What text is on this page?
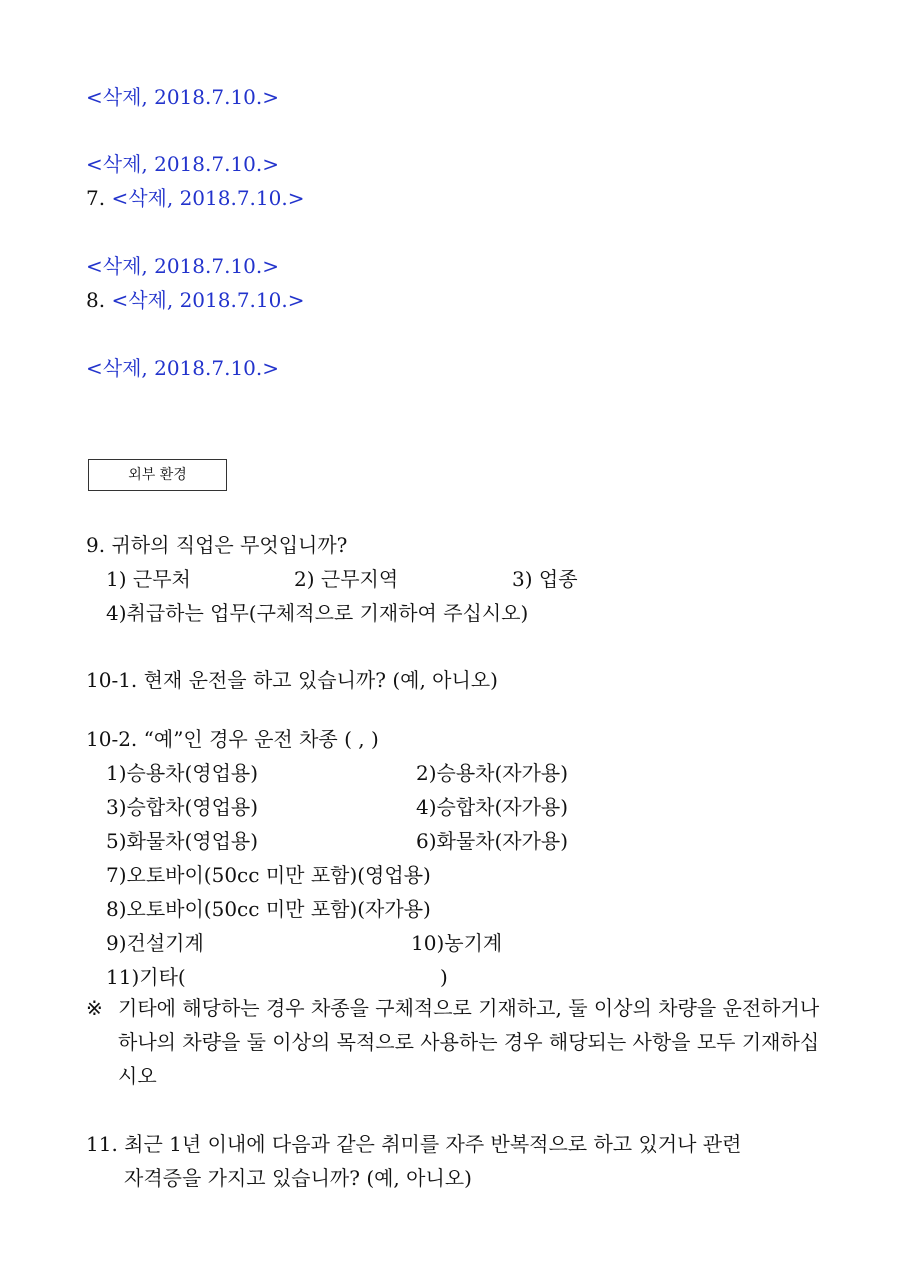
<삭제, 2018.7.10.>
<삭제, 2018.7.10.>
7. <삭제, 2018.7.10.>
<삭제, 2018.7.10.>
8. <삭제, 2018.7.10.>
<삭제, 2018.7.10.>
외부 환경
9. 귀하의 직업은 무엇입니까?
1) 근무처	2) 근무지역	3) 업종
4)취급하는 업무(구체적으로 기재하여 주십시오)
10-1. 현재 운전을 하고 있습니까? (예, 아니오)
10-2. “예”인 경우 운전 차종 ( , )
1)승용차(영업용)	2)승용차(자가용)
3)승합차(영업용)	4)승합차(자가용)
5)화물차(영업용)	6)화물차(자가용)
7)오토바이(50cc 미만 포함)(영업용)
8)오토바이(50cc 미만 포함)(자가용)
9)건설기계	10)농기계
11)기타(                                        )
※ 기타에 해당하는 경우 차종을 구체적으로 기재하고, 둘 이상의 차량을 운전하거나 하나의 차량을 둘 이상의 목적으로 사용하는 경우 해당되는 사항을 모두 기재하십시오
11. 최근 1년 이내에 다음과 같은 취미를 자주 반복적으로 하고 있거나 관련
자격증을 가지고 있습니까? (예, 아니오)
